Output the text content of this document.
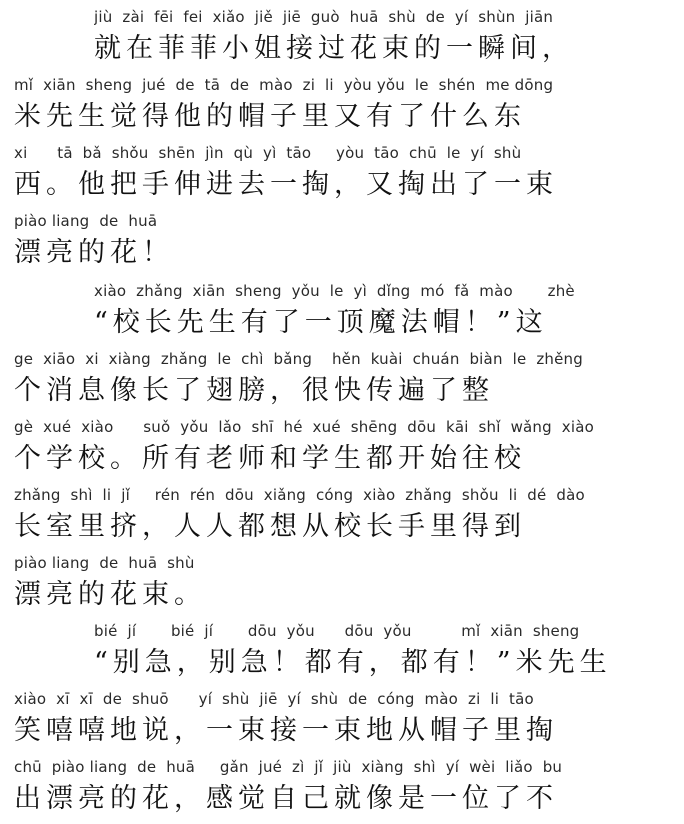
jiù  zài  fēi  fei  xiǎo  jiě  jiē  guò  huā  shù  de  yí  shùn  jiān
就在菲菲小姐接过花束的一瞬间，
mǐ  xiān  sheng  jué  de  tā  de  mào  zi  li  yòu yǒu  le  shén  me dōng
米先生觉得他的帽子里又有了什么东
xi      tā  bǎ  shǒu  shēn  jìn  qù  yì  tāo     yòu  tāo  chū  le  yí  shù
西。他把手伸进去一掏，又掏出了一束
piào liang  de  huā
漂亮的花！
xiào  zhǎng  xiān  sheng  yǒu  le  yì  dǐng  mó  fǎ  mào       zhè
“校长先生有了一顶魔法帽！”这
ge  xiāo  xi  xiàng  zhǎng  le  chì  bǎng    hěn  kuài  chuán  biàn  le  zhěng
个消息像长了翅膀，很快传遍了整
gè  xué  xiào      suǒ  yǒu  lǎo  shī  hé  xué  shēng  dōu  kāi  shǐ  wǎng  xiào
个学校。所有老师和学生都开始往校
zhǎng  shì  li  jǐ     rén  rén  dōu  xiǎng  cóng  xiào  zhǎng  shǒu  li  dé  dào
长室里挤，人人都想从校长手里得到
piào liang  de  huā  shù
漂亮的花束。
bié  jí       bié  jí       dōu  yǒu      dōu  yǒu          mǐ  xiān  sheng
“别急，别急！都有，都有！”米先生
xiào  xī  xī  de  shuō      yí  shù  jiē  yí  shù  de  cóng  mào  zi  li  tāo
笑嘻嘻地说，一束接一束地从帽子里掏
chū  piào liang  de  huā     gǎn  jué  zì  jǐ  jiù  xiàng  shì  yí  wèi  liǎo  bu
出漂亮的花，感觉自己就像是一位了不
